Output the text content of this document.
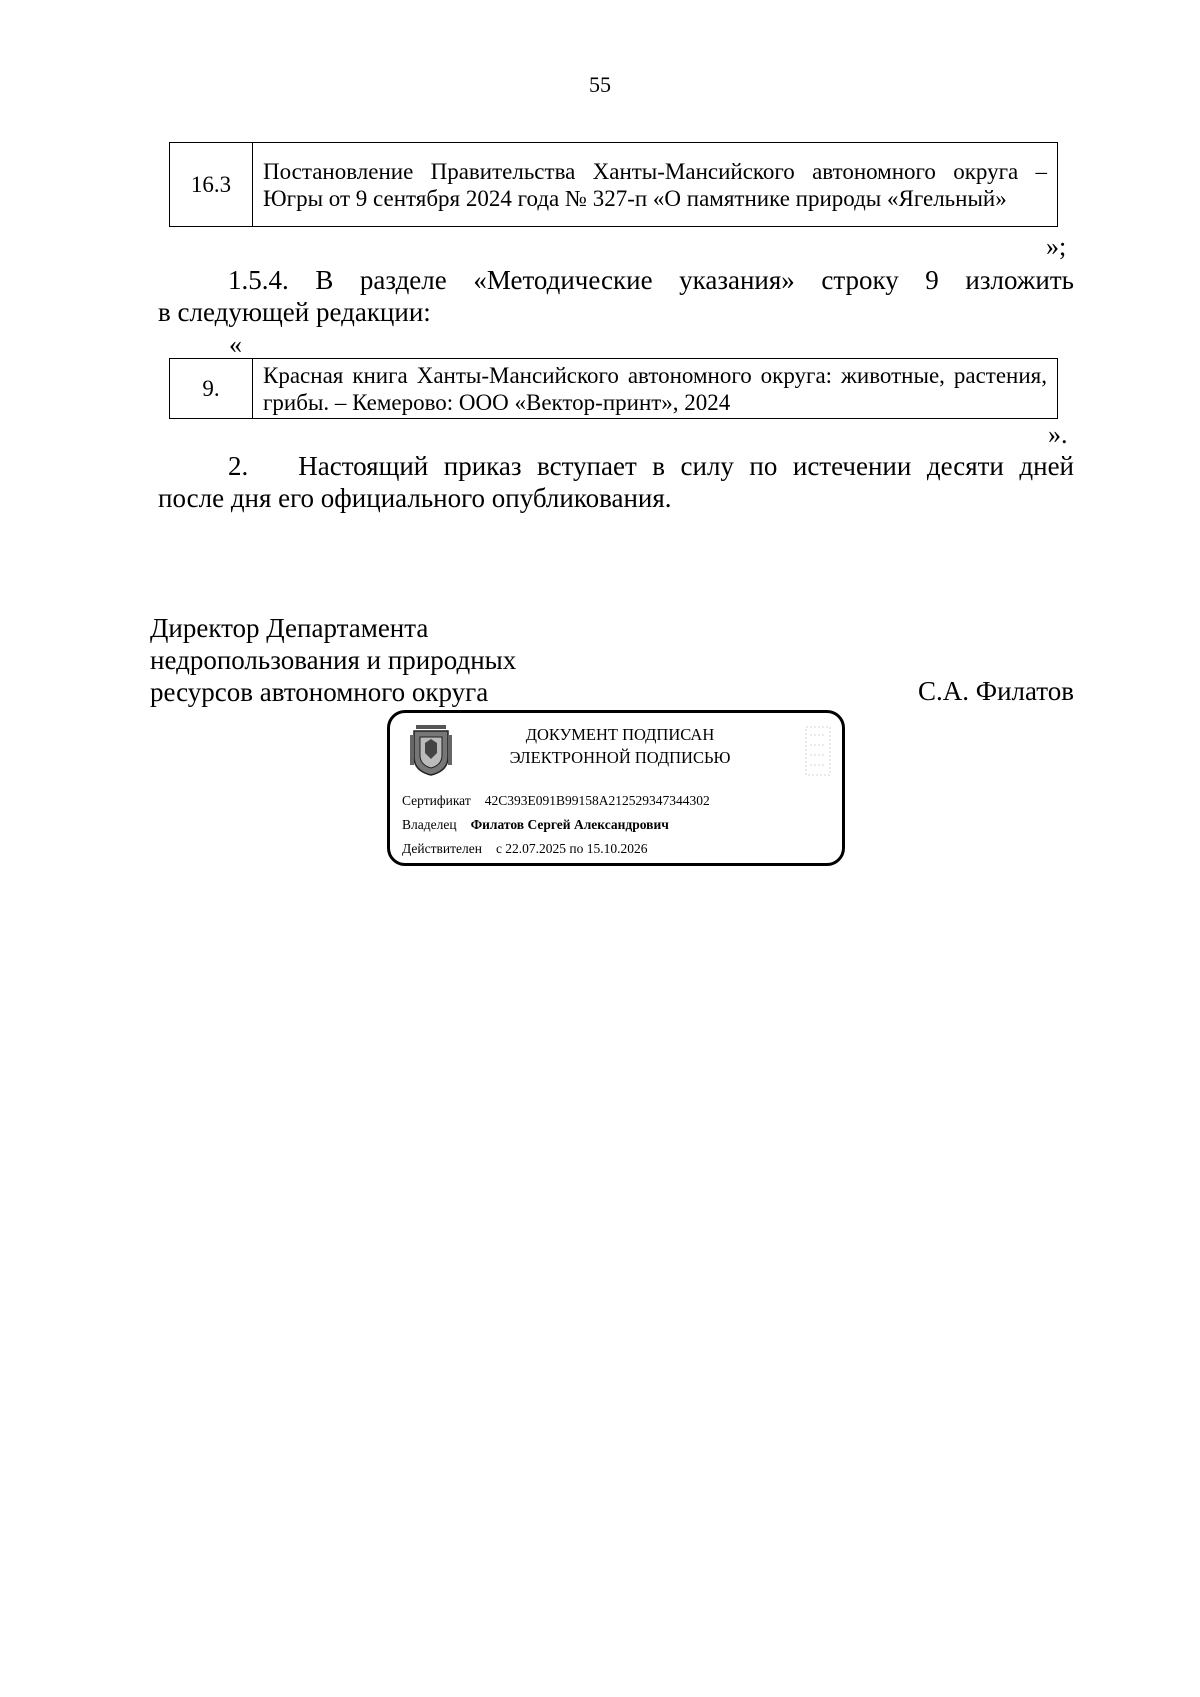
55
16.3	Постановление Правительства Ханты-Мансийского автономного округа – Югры от 9 сентября 2024 года № 327-п «О памятнике природы «Ягельный»
»;
1.5.4. В разделе «Методические указания» строку 9 изложить
в следующей редакции:
«
9.	Красная книга Ханты-Мансийского автономного округа: животные, растения, грибы. – Кемерово: ООО «Вектор-принт», 2024
».
2. Настоящий приказ вступает в силу по истечении десяти дней
после дня его официального опубликования.
Директор Департамента
недропользования и природных
ресурсов автономного округа	С.А. Филатов
ДОКУМЕНТ ПОДПИСАН
ЭЛЕКТРОННОЙ ПОДПИСЬЮ
Сертификат 42C393E091B99158A212529347344302
Владелец Филатов Сергей Александрович
Действителен с 22.07.2025 по 15.10.2026
